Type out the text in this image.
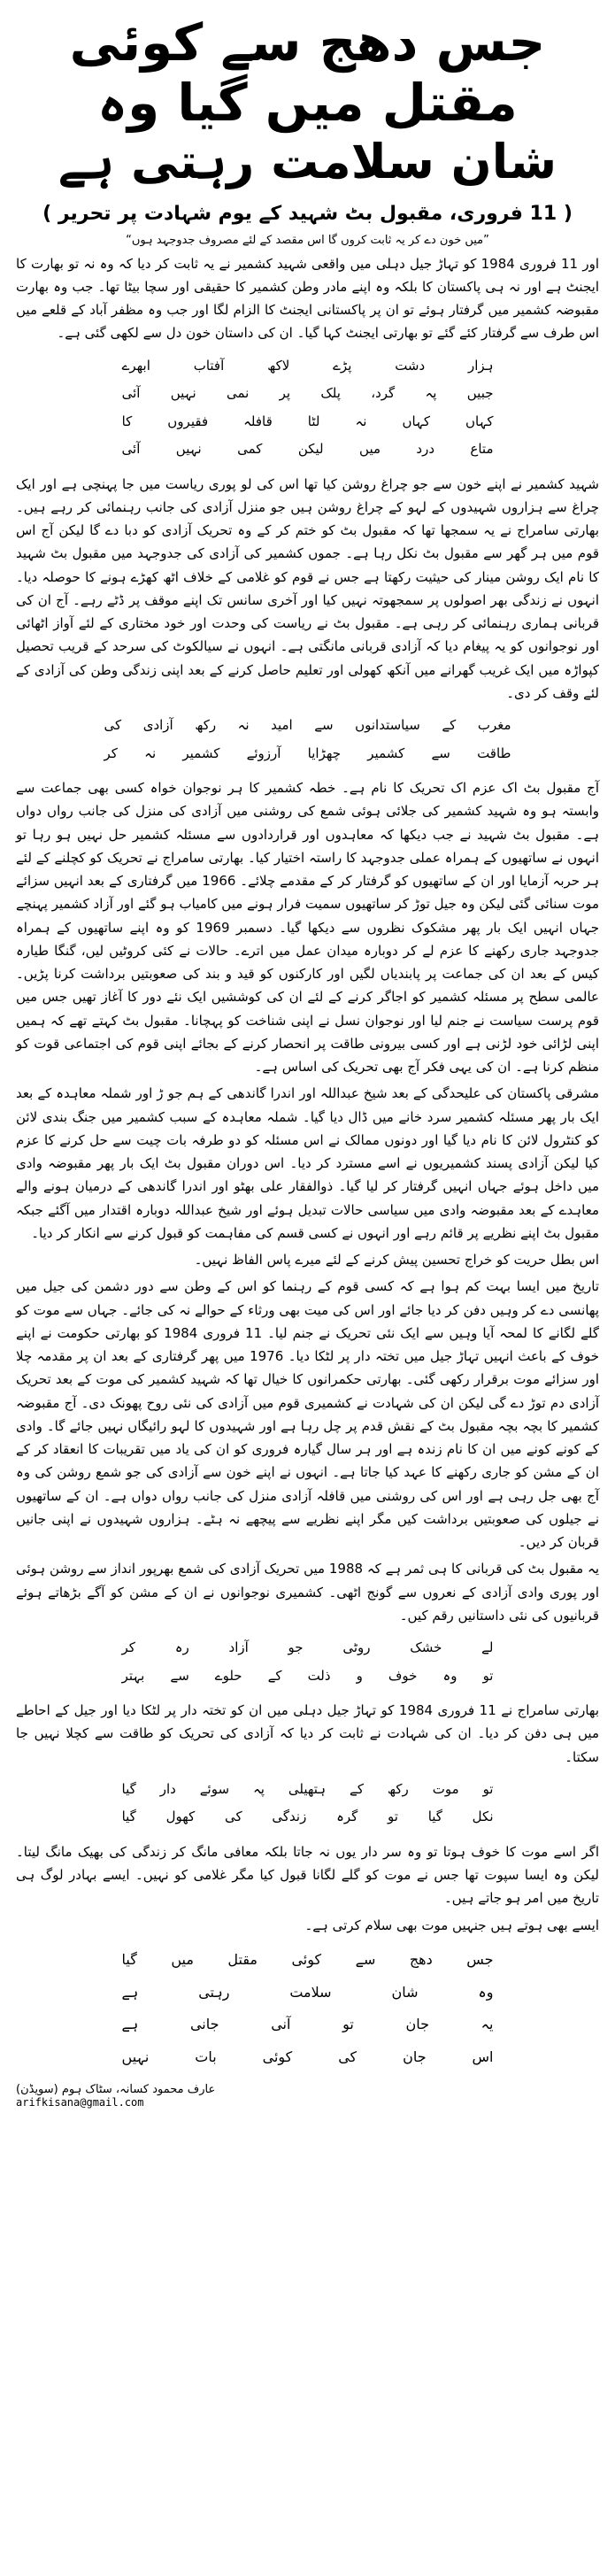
جس دھج سے کوئی مقتل میں گیا وہ
شان سلامت رہتی ہے
( 11 فروری، مقبول بٹ شہید کے یوم شہادت پر تحریر )

”میں خون دے کر یہ ثابت کروں گا اس مقصد کے لئے مصروف جدوجہد ہوں“

اور 11 فروری 1984 کو تہاڑ جیل دہلی میں واقعی شہید کشمیر نے یہ ثابت کر دیا کہ وہ نہ تو بھارت کا ایجنٹ ہے اور نہ ہی پاکستان کا بلکہ وہ اپنے مادر وطن کشمیر کا حقیقی اور سچا بیٹا تھا۔ جب وہ بھارت مقبوضہ کشمیر میں گرفتار ہوئے تو ان پر پاکستانی ایجنٹ کا الزام لگا اور جب وہ مظفر آباد کے قلعے میں اس طرف سے گرفتار کئے گئے تو بھارتی ایجنٹ کہا گیا۔ ان کی داستان خون دل سے لکھی گئی ہے۔

ہزار
دشت
پڑے
لاکھ
آفتاب
ابھرے
جبیں
پہ
گرد،
پلک
پر
نمی
نہیں
آئی
کہاں
کہاں
نہ
لٹا
قافلہ
فقیروں
کا
متاع
درد
میں
لیکن
کمی
نہیں
آئی

شہید کشمیر نے اپنے خون سے جو چراغ روشن کیا تھا اس کی لو پوری ریاست میں جا پہنچی ہے اور ایک چراغ سے ہزاروں شہیدوں کے لہو کے چراغ روشن ہیں جو منزل آزادی کی جانب رہنمائی کر رہے ہیں۔ بھارتی سامراج نے یہ سمجھا تھا کہ مقبول بٹ کو ختم کر کے وہ تحریک آزادی کو دبا دے گا لیکن آج اس قوم میں ہر گھر سے مقبول بٹ نکل رہا ہے۔ جموں کشمیر کی آزادی کی جدوجہد میں مقبول بٹ شہید کا نام ایک روشن مینار کی حیثیت رکھتا ہے جس نے قوم کو غلامی کے خلاف اٹھ کھڑے ہونے کا حوصلہ دیا۔ انہوں نے زندگی بھر اصولوں پر سمجھوتہ نہیں کیا اور آخری سانس تک اپنے موقف پر ڈٹے رہے۔ آج ان کی قربانی ہماری رہنمائی کر رہی ہے۔ مقبول بٹ نے ریاست کی وحدت اور خود مختاری کے لئے آواز اٹھائی اور نوجوانوں کو یہ پیغام دیا کہ آزادی قربانی مانگتی ہے۔ انہوں نے سیالکوٹ کی سرحد کے قریب تحصیل کپواڑہ میں ایک غریب گھرانے میں آنکھ کھولی اور تعلیم حاصل کرنے کے بعد اپنی زندگی وطن کی آزادی کے لئے وقف کر دی۔

مغرب
کے
سیاستدانوں
سے
امید
نہ
رکھ
آزادی
کی
طاقت
سے
کشمیر
چھڑایا
آرزوئے
کشمیر
نہ
کر

آج مقبول بٹ اک عزم اک تحریک کا نام ہے۔ خطہ کشمیر کا ہر نوجوان خواہ کسی بھی جماعت سے وابستہ ہو وہ شہید کشمیر کی جلائی ہوئی شمع کی روشنی میں آزادی کی منزل کی جانب رواں دواں ہے۔ مقبول بٹ شہید نے جب دیکھا کہ معاہدوں اور قراردادوں سے مسئلہ کشمیر حل نہیں ہو رہا تو انہوں نے ساتھیوں کے ہمراہ عملی جدوجہد کا راستہ اختیار کیا۔ بھارتی سامراج نے تحریک کو کچلنے کے لئے ہر حربہ آزمایا اور ان کے ساتھیوں کو گرفتار کر کے مقدمے چلائے۔ 1966 میں گرفتاری کے بعد انہیں سزائے موت سنائی گئی لیکن وہ جیل توڑ کر ساتھیوں سمیت فرار ہونے میں کامیاب ہو گئے اور آزاد کشمیر پہنچے جہاں انہیں ایک بار پھر مشکوک نظروں سے دیکھا گیا۔ دسمبر 1969 کو وہ اپنے ساتھیوں کے ہمراہ جدوجہد جاری رکھنے کا عزم لے کر دوبارہ میدان عمل میں اترے۔ حالات نے کئی کروٹیں لیں، گنگا طیارہ کیس کے بعد ان کی جماعت پر پابندیاں لگیں اور کارکنوں کو قید و بند کی صعوبتیں برداشت کرنا پڑیں۔ عالمی سطح پر مسئلہ کشمیر کو اجاگر کرنے کے لئے ان کی کوششیں ایک نئے دور کا آغاز تھیں جس میں قوم پرست سیاست نے جنم لیا اور نوجوان نسل نے اپنی شناخت کو پہچانا۔ مقبول بٹ کہتے تھے کہ ہمیں اپنی لڑائی خود لڑنی ہے اور کسی بیرونی طاقت پر انحصار کرنے کے بجائے اپنی قوم کی اجتماعی قوت کو منظم کرنا ہے۔ ان کی یہی فکر آج بھی تحریک کی اساس ہے۔

مشرقی پاکستان کی علیحدگی کے بعد شیخ عبداللہ اور اندرا گاندھی کے ہم جو ڑ اور شملہ معاہدہ کے بعد ایک بار پھر مسئلہ کشمیر سرد خانے میں ڈال دیا گیا۔ شملہ معاہدہ کے سبب کشمیر میں جنگ بندی لائن کو کنٹرول لائن کا نام دیا گیا اور دونوں ممالک نے اس مسئلہ کو دو طرفہ بات چیت سے حل کرنے کا عزم کیا لیکن آزادی پسند کشمیریوں نے اسے مسترد کر دیا۔ اس دوران مقبول بٹ ایک بار پھر مقبوضہ وادی میں داخل ہوئے جہاں انہیں گرفتار کر لیا گیا۔ ذوالفقار علی بھٹو اور اندرا گاندھی کے درمیان ہونے والے معاہدے کے بعد مقبوضہ وادی میں سیاسی حالات تبدیل ہوئے اور شیخ عبداللہ دوبارہ اقتدار میں آگئے جبکہ مقبول بٹ اپنے نظریے پر قائم رہے اور انہوں نے کسی قسم کی مفاہمت کو قبول کرنے سے انکار کر دیا۔

اس بطل حریت کو خراج تحسین پیش کرنے کے لئے میرے پاس الفاظ نہیں۔

تاریخ میں ایسا بہت کم ہوا ہے کہ کسی قوم کے رہنما کو اس کے وطن سے دور دشمن کی جیل میں پھانسی دے کر وہیں دفن کر دیا جائے اور اس کی میت بھی ورثاء کے حوالے نہ کی جائے۔ جہاں سے موت کو گلے لگانے کا لمحہ آیا وہیں سے ایک نئی تحریک نے جنم لیا۔ 11 فروری 1984 کو بھارتی حکومت نے اپنے خوف کے باعث انہیں تہاڑ جیل میں تختہ دار پر لٹکا دیا۔ 1976 میں پھر گرفتاری کے بعد ان پر مقدمہ چلا اور سزائے موت برقرار رکھی گئی۔ بھارتی حکمرانوں کا خیال تھا کہ شہید کشمیر کی موت کے بعد تحریک آزادی دم توڑ دے گی لیکن ان کی شہادت نے کشمیری قوم میں آزادی کی نئی روح پھونک دی۔ آج مقبوضہ کشمیر کا بچہ بچہ مقبول بٹ کے نقش قدم پر چل رہا ہے اور شہیدوں کا لہو رائیگاں نہیں جائے گا۔ وادی کے کونے کونے میں ان کا نام زندہ ہے اور ہر سال گیارہ فروری کو ان کی یاد میں تقریبات کا انعقاد کر کے ان کے مشن کو جاری رکھنے کا عہد کیا جاتا ہے۔ انہوں نے اپنے خون سے آزادی کی جو شمع روشن کی وہ آج بھی جل رہی ہے اور اس کی روشنی میں قافلہ آزادی منزل کی جانب رواں دواں ہے۔ ان کے ساتھیوں نے جیلوں کی صعوبتیں برداشت کیں مگر اپنے نظریے سے پیچھے نہ ہٹے۔ ہزاروں شہیدوں نے اپنی جانیں قربان کر دیں۔

یہ مقبول بٹ کی قربانی کا ہی ثمر ہے کہ 1988 میں تحریک آزادی کی شمع بھرپور انداز سے روشن ہوئی اور پوری وادی آزادی کے نعروں سے گونج اٹھی۔ کشمیری نوجوانوں نے ان کے مشن کو آگے بڑھاتے ہوئے قربانیوں کی نئی داستانیں رقم کیں۔

لے
خشک
روٹی
جو
آزاد
رہ
کر
تو
وہ
خوف
و
ذلت
کے
حلوے
سے
بہتر

بھارتی سامراج نے 11 فروری 1984 کو تہاڑ جیل دہلی میں ان کو تختہ دار پر لٹکا دیا اور جیل کے احاطے میں ہی دفن کر دیا۔ ان کی شہادت نے ثابت کر دیا کہ آزادی کی تحریک کو طاقت سے کچلا نہیں جا سکتا۔

تو
موت
رکھ
کے
ہتھیلی
پہ
سوئے
دار
گیا
نکل
گیا
تو
گرہ
زندگی
کی
کھول
گیا

اگر اسے موت کا خوف ہوتا تو وہ سر دار یوں نہ جاتا بلکہ معافی مانگ کر زندگی کی بھیک مانگ لیتا۔ لیکن وہ ایسا سپوت تھا جس نے موت کو گلے لگانا قبول کیا مگر غلامی کو نہیں۔ ایسے بہادر لوگ ہی تاریخ میں امر ہو جاتے ہیں۔

ایسے بھی ہوتے ہیں جنہیں موت بھی سلام کرتی ہے۔

جس
دھج
سے
کوئی
مقتل
میں
گیا
وہ
شان
سلامت
رہتی
ہے
یہ
جان
تو
آنی
جانی
ہے
اس
جان
کی
کوئی
بات
نہیں
عارف محمود کسانہ، سٹاک ہوم (سویڈن)
arifkisana@gmail.com
